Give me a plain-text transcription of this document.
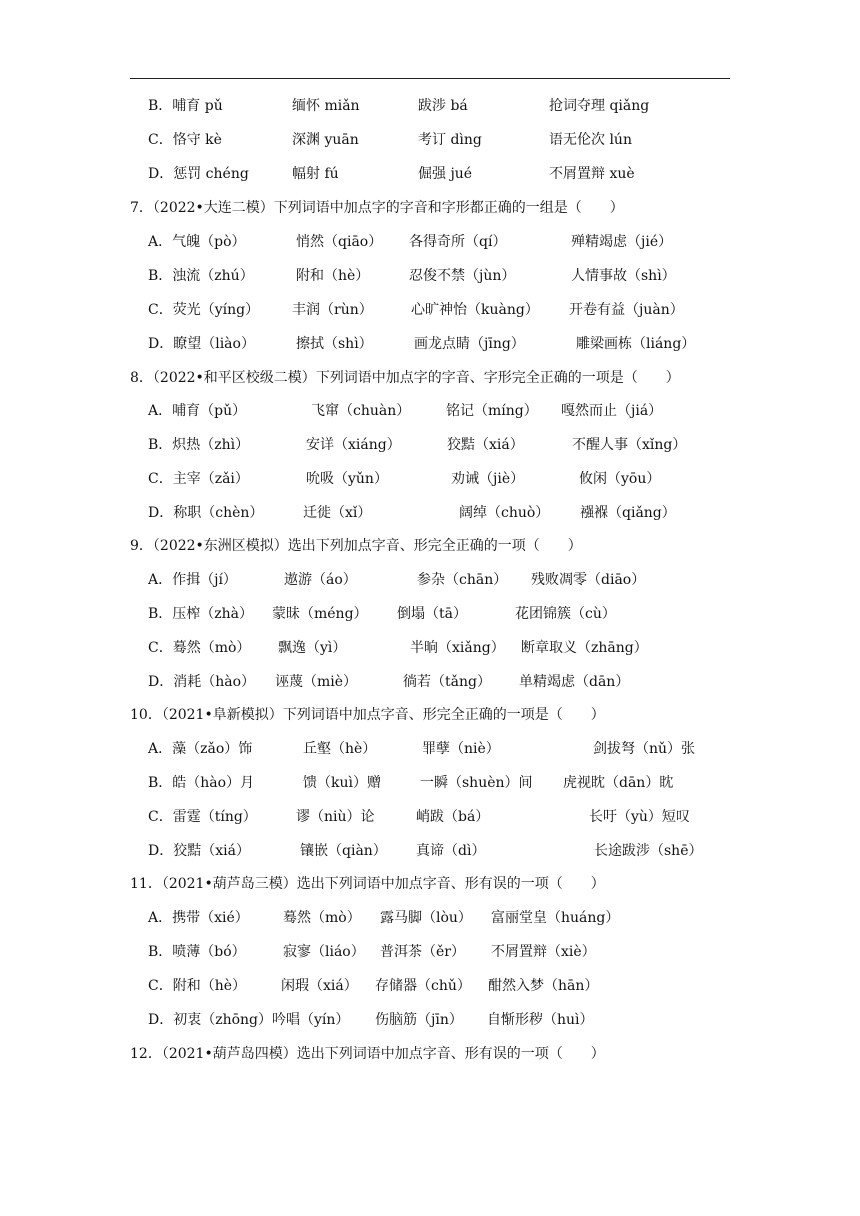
B．哺育 pǔ	缅怀 miǎn	跋涉 bá	抢词夺理 qiǎng
C．恪守 kè	深渊 yuān	考订 dìng	语无伦次 lún
D．惩罚 chéng	幅射 fú	倔强 jué	不屑置辩 xuè
7．（2022•大连二模）下列词语中加点字的字音和字形都正确的一组是（　　）
A．气魄（pò）	悄然（qiāo） 各得奇所（qí）	殚精竭虑（jié）
B．浊流（zhú）	附和（hè）	忍俊不禁（jùn）	人情事故（shì）
C．荧光（yíng） 丰润（rùn）	心旷神怡（kuàng） 开卷有益（juàn）
D．瞭望（liào）	擦拭（shì）	画龙点睛（jīng）	雕梁画栋（liáng）
8．（2022•和平区校级二模）下列词语中加点字的字音、字形完全正确的一项是（　　）
A．哺育（pǔ）	飞窜（chuàn）	铭记（míng） 嘎然而止（jiá）
B．炽热（zhì）	安详（xiáng）	狡黠（xiá）	不醒人事（xǐng）
C．主宰（zǎi）	吮吸（yǔn）	劝诫（jiè）	攸闲（yōu）
D．称职（chèn）	迁徙（xǐ）	阔绰（chuò） 襁褓（qiǎng）
9．（2022•东洲区模拟）选出下列加点字音、形完全正确的一项（　　）
A．作揖（jí）	遨游（áo）	参杂（chān） 残败凋零（diāo）
B．压榨（zhà） 蒙昧（méng） 倒塌（tā）	花团锦簇（cù）
C．蓦然（mò） 飘逸（yì）	半晌（xiǎng） 断章取义（zhāng）
D．消耗（hào） 诬蔑（miè）	徜若（tǎng） 单精竭虑（dān）
10．（2021•阜新模拟）下列词语中加点字音、形完全正确的一项是（　　）
A．藻（zǎo）饰	丘壑（hè）	罪孽（niè）	剑拔弩（nǔ）张
B．皓（hào）月	馈（kuì）赠	一瞬（shuèn）间 虎视眈（dān）眈
C．雷霆（tíng）	谬（niù）论	峭跋（bá）	长吁（yù）短叹
D．狡黠（xiá）	镶嵌（qiàn） 真谛（dì）	长途跋涉（shē）
11．（2021•葫芦岛三模）选出下列词语中加点字音、形有误的一项（　　）
A．携带（xié） 蓦然（mò） 露马脚（lòu） 富丽堂皇（huáng）
B．喷薄（bó）	寂寥（liáo） 普洱茶（ěr） 不屑置辩（xiè）
C．附和（hè） 闲瑕（xiá） 存储器（chǔ） 酣然入梦（hān）
D．初衷（zhōng） 吟唱（yín） 伤脑筋（jīn） 自惭形秽（huì）
12．（2021•葫芦岛四模）选出下列词语中加点字音、形有误的一项（　　）
